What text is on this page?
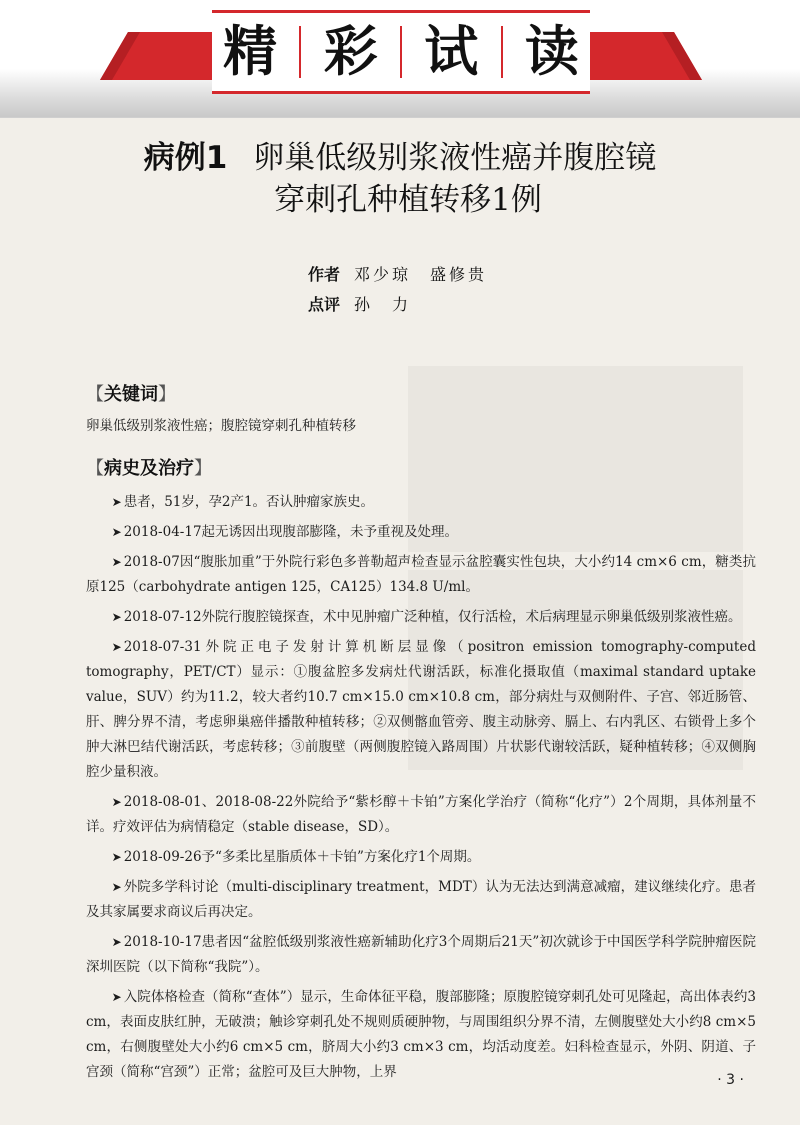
精 彩 试 读
病例1 卵巢低级别浆液性癌并腹腔镜
穿刺孔种植转移1例
作者 邓少琼　盛修贵
点评 孙　力
【关键词】

卵巢低级别浆液性癌；腹腔镜穿刺孔种植转移

【病史及治疗】

➤ 患者，51岁，孕2产1。否认肿瘤家族史。

➤ 2018-04-17起无诱因出现腹部膨隆，未予重视及处理。

➤ 2018-07因“腹胀加重”于外院行彩色多普勒超声检查显示盆腔囊实性包块，大小约14 cm×6 cm，糖类抗原125（carbohydrate antigen 125，CA125）134.8 U/ml。

➤ 2018-07-12外院行腹腔镜探查，术中见肿瘤广泛种植，仅行活检，术后病理显示卵巢低级别浆液性癌。

➤ 2018-07-31外院正电子发射计算机断层显像（positron emission tomography-computed tomography，PET/CT）显示：①腹盆腔多发病灶代谢活跃，标准化摄取值（maximal standard uptake value，SUV）约为11.2，较大者约10.7 cm×15.0 cm×10.8 cm，部分病灶与双侧附件、子宫、邻近肠管、肝、脾分界不清，考虑卵巢癌伴播散种植转移；②双侧髂血管旁、腹主动脉旁、膈上、右内乳区、右锁骨上多个肿大淋巴结代谢活跃，考虑转移；③前腹壁（两侧腹腔镜入路周围）片状影代谢较活跃，疑种植转移；④双侧胸腔少量积液。

➤ 2018-08-01、2018-08-22外院给予“紫杉醇＋卡铂”方案化学治疗（简称“化疗”）2个周期，具体剂量不详。疗效评估为病情稳定（stable disease，SD）。

➤ 2018-09-26予“多柔比星脂质体＋卡铂”方案化疗1个周期。

➤ 外院多学科讨论（multi-disciplinary treatment，MDT）认为无法达到满意减瘤，建议继续化疗。患者及其家属要求商议后再决定。

➤ 2018-10-17患者因“盆腔低级别浆液性癌新辅助化疗3个周期后21天”初次就诊于中国医学科学院肿瘤医院深圳医院（以下简称“我院”）。

➤ 入院体格检查（简称“查体”）显示，生命体征平稳，腹部膨隆；原腹腔镜穿刺孔处可见隆起，高出体表约3 cm，表面皮肤红肿，无破溃；触诊穿刺孔处不规则质硬肿物，与周围组织分界不清，左侧腹壁处大小约8 cm×5 cm，右侧腹壁处大小约6 cm×5 cm，脐周大小约3 cm×3 cm，均活动度差。妇科检查显示，外阴、阴道、子宫颈（简称“宫颈”）正常；盆腔可及巨大肿物，上界	· 3 ·
